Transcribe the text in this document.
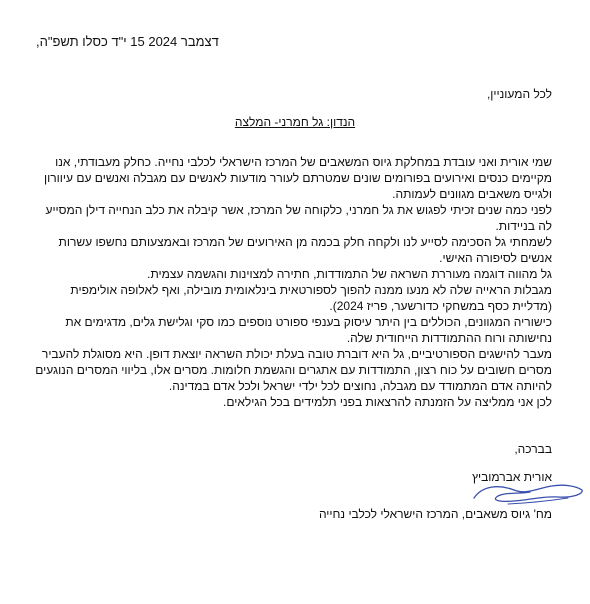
י"ד כסלו תשפ"ה, 15 דצמבר 2024
לכל המעוניין,
הנדון: גל חמרני- המלצה

שמי אורית ואני עובדת במחלקת גיוס המשאבים של המרכז הישראלי לכלבי נחייה. כחלק מעבודתי, אנו מקיימים כנסים ואירועים בפורומים שונים שמטרתם לעורר מודעות לאנשים עם מגבלה ואנשים עם עיוורון ולגייס משאבים מגוונים לעמותה.

לפני כמה שנים זכיתי לפגוש את גל חמרני, כלקוחה של המרכז, אשר קיבלה את כלב הנחייה דילן המסייע לה בניידות.

לשמחתי גל הסכימה לסייע לנו ולקחה חלק בכמה מן האירועים של המרכז ובאמצעותם נחשפו עשרות אנשים לסיפורה האישי.

גל מהווה דוגמה מעוררת השראה של התמודדות, חתירה למצוינות והגשמה עצמית.

מגבלות הראייה שלה לא מנעו ממנה להפוך לספורטאית בינלאומית מובילה, ואף לאלופה אולימפית (מדליית כסף במשחקי כדורשער, פריז 2024).

כישוריה המגוונים, הכוללים בין היתר עיסוק בענפי ספורט נוספים כמו סקי וגלישת גלים, מדגימים את נחישותה ורוח ההתמודדות הייחודית שלה.

מעבר להישגים הספורטיביים, גל היא דוברת טובה בעלת יכולת השראה יוצאת דופן. היא מסוגלת להעביר מסרים חשובים על כוח רצון, התמודדות עם אתגרים והגשמת חלומות. מסרים אלו, בליווי המסרים הנוגעים להיותה אדם המתמודד עם מגבלה, נחוצים לכל ילדי ישראל ולכל אדם במדינה.

לכן אני ממליצה על הזמנתה להרצאות בפני תלמידים בכל הגילאים.

בברכה,
אורית אברמוביץ
מח' גיוס משאבים, המרכז הישראלי לכלבי נחייה
